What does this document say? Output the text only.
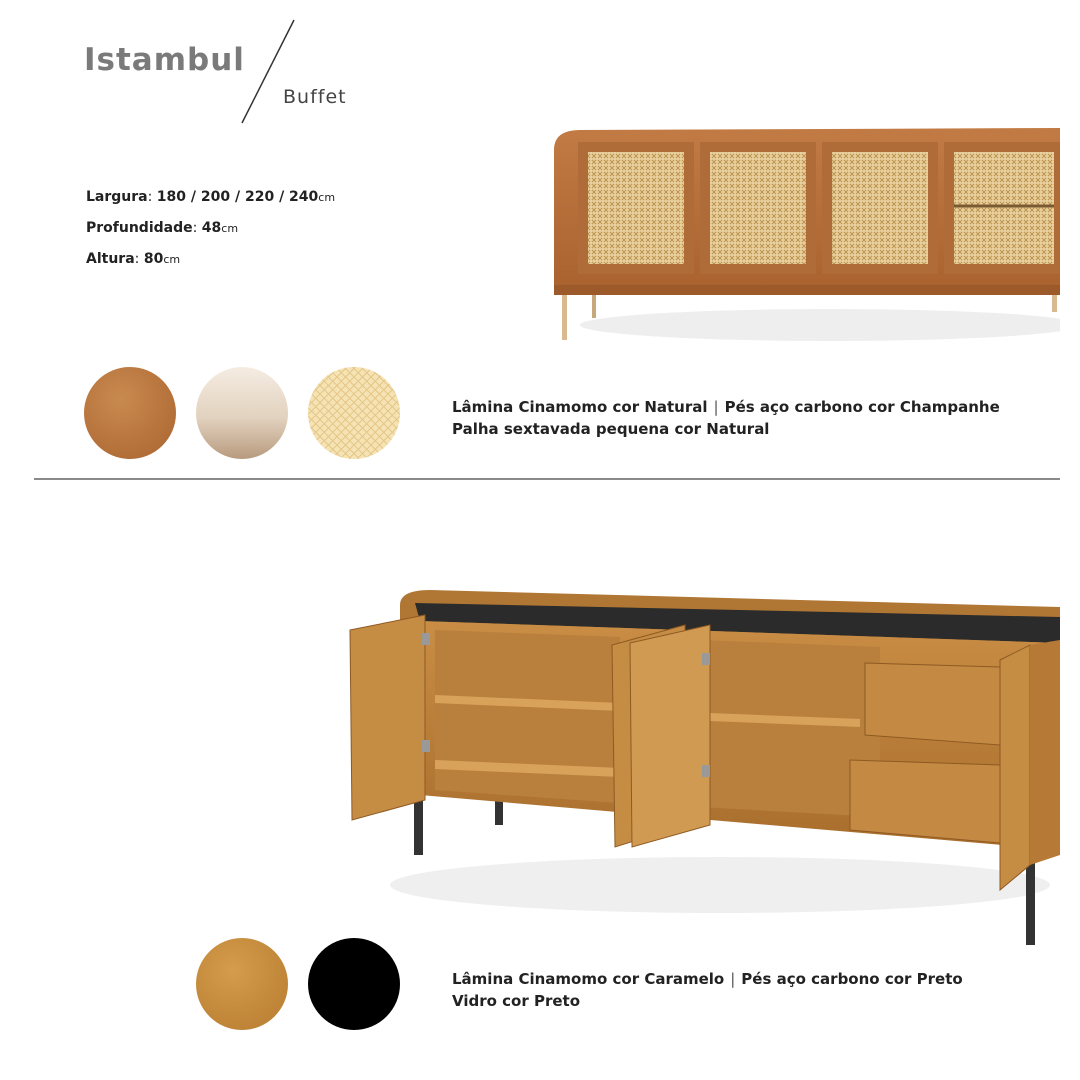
Istambul
Buffet
Largura: 180 / 200 / 220 / 240cm
Profundidade: 48cm
Altura: 80cm
Lâmina Cinamomo cor Natural | Pés aço carbono cor Champanhe
Palha sextavada pequena cor Natural
Lâmina Cinamomo cor Caramelo | Pés aço carbono cor Preto
Vidro cor Preto
